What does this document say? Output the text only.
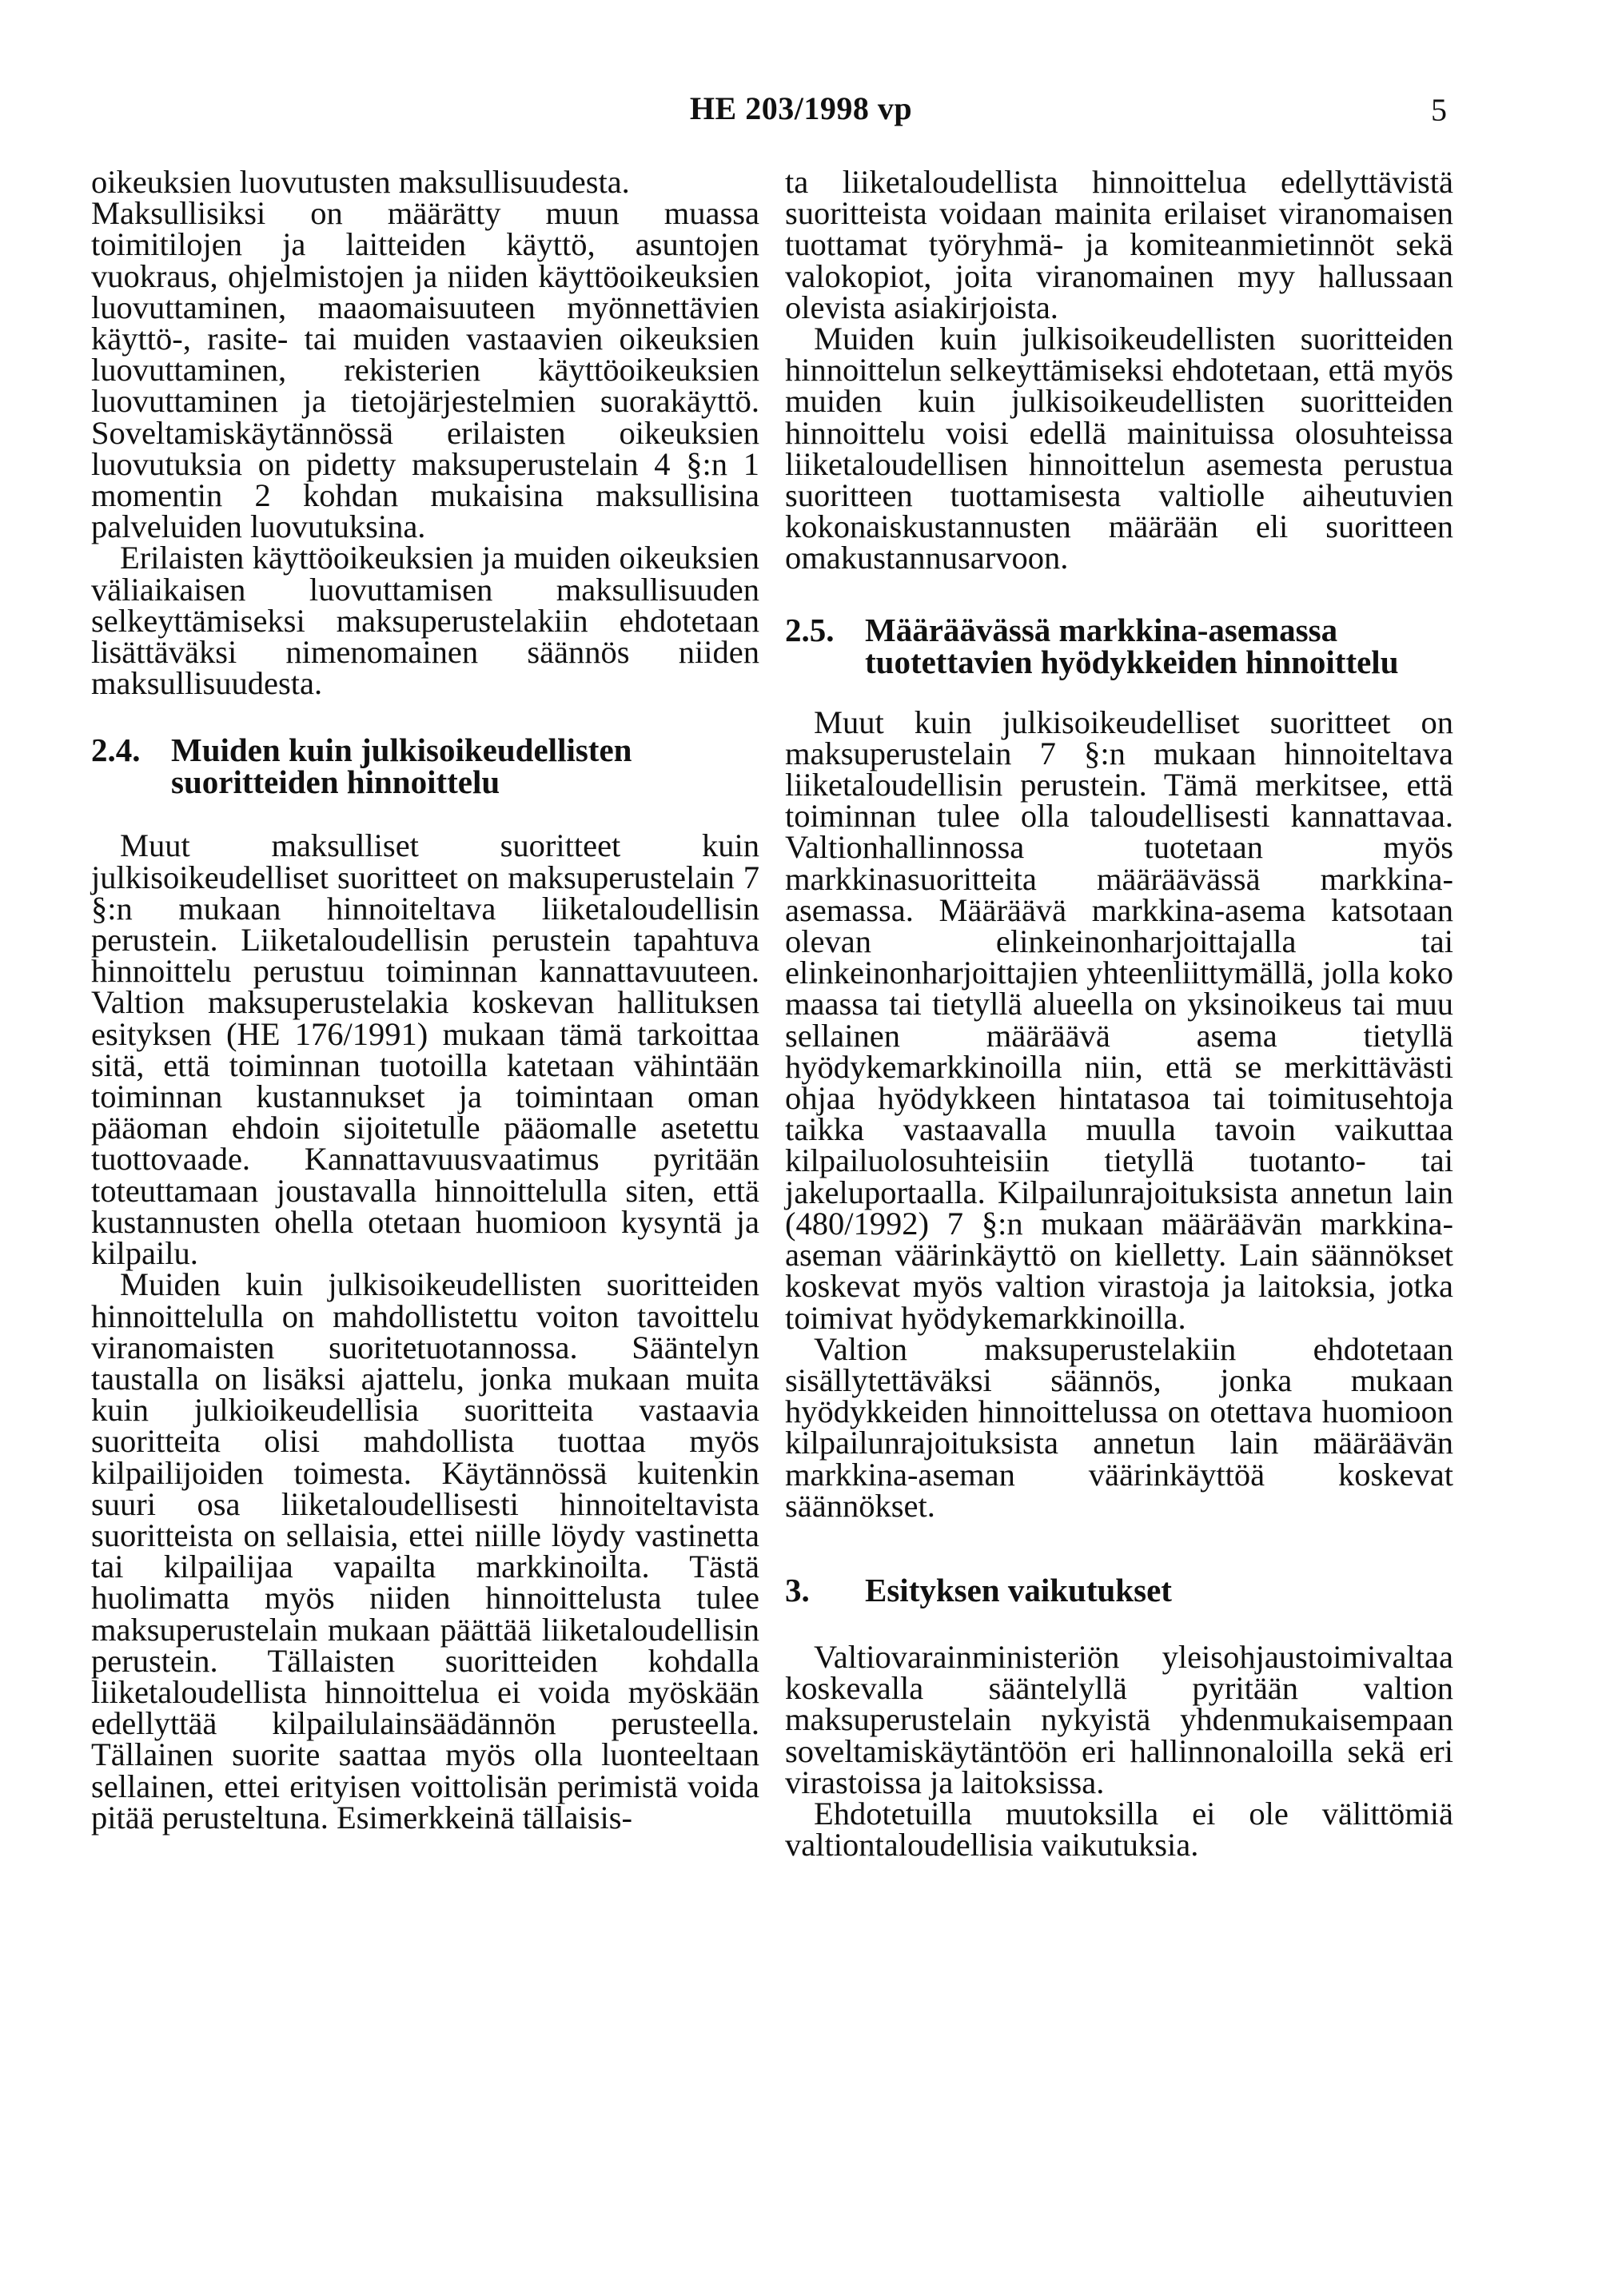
HE 203/1998 vp	5

oikeuksien luovutusten maksullisuudesta.

Maksullisiksi on määrätty muun muassa toimitilojen ja laitteiden käyttö, asuntojen vuokraus, ohjelmistojen ja niiden käyttöoikeuksien luovuttaminen, maaomaisuuteen myönnettävien käyttö-, rasite- tai muiden vastaavien oikeuksien luovuttaminen, rekisterien käyttöoikeuksien luovuttaminen ja tietojärjestelmien suorakäyttö. Soveltamiskäytännössä erilaisten oikeuksien luovutuksia on pidetty maksuperustelain 4 §:n 1 momentin 2 kohdan mukaisina maksullisina palveluiden luovutuksina.

Erilaisten käyttöoikeuksien ja muiden oikeuksien väliaikaisen luovuttamisen maksullisuuden selkeyttämiseksi maksuperustelakiin ehdotetaan lisättäväksi nimenomainen säännös niiden maksullisuudesta.

2.4. Muiden kuin julkisoikeudellisten suoritteiden hinnoittelu

Muut maksulliset suoritteet kuin julkisoikeudelliset suoritteet on maksuperustelain 7 §:n mukaan hinnoiteltava liiketaloudellisin perustein. Liiketaloudellisin perustein tapahtuva hinnoittelu perustuu toiminnan kannattavuuteen. Valtion maksuperustelakia koskevan hallituksen esityksen (HE 176/1991) mukaan tämä tarkoittaa sitä, että toiminnan tuotoilla katetaan vähintään toiminnan kustannukset ja toimintaan oman pääoman ehdoin sijoitetulle pääomalle asetettu tuottovaade. Kannattavuusvaatimus pyritään toteuttamaan joustavalla hinnoittelulla siten, että kustannusten ohella otetaan huomioon kysyntä ja kilpailu.

Muiden kuin julkisoikeudellisten suoritteiden hinnoittelulla on mahdollistettu voiton tavoittelu viranomaisten suoritetuotannossa. Sääntelyn taustalla on lisäksi ajattelu, jonka mukaan muita kuin julkioikeudellisia suoritteita vastaavia suoritteita olisi mahdollista tuottaa myös kilpailijoiden toimesta. Käytännössä kuitenkin suuri osa liiketaloudellisesti hinnoiteltavista suoritteista on sellaisia, ettei niille löydy vastinetta tai kilpailijaa vapailta markkinoilta. Tästä huolimatta myös niiden hinnoittelusta tulee maksuperustelain mukaan päättää liiketaloudellisin perustein. Tällaisten suoritteiden kohdalla liiketaloudellista hinnoittelua ei voida myöskään edellyttää kilpailulainsäädännön perusteella. Tällainen suorite saattaa myös olla luonteeltaan sellainen, ettei erityisen voittolisän perimistä voida pitää perusteltuna. Esimerkkeinä tällaisis-

ta liiketaloudellista hinnoittelua edellyttävistä suoritteista voidaan mainita erilaiset viranomaisen tuottamat työryhmä- ja komiteanmietinnöt sekä valokopiot, joita viranomainen myy hallussaan olevista asiakirjoista.

Muiden kuin julkisoikeudellisten suoritteiden hinnoittelun selkeyttämiseksi ehdotetaan, että myös muiden kuin julkisoikeudellisten suoritteiden hinnoittelu voisi edellä mainituissa olosuhteissa liiketaloudellisen hinnoittelun asemesta perustua suoritteen tuottamisesta valtiolle aiheutuvien kokonaiskustannusten määrään eli suoritteen omakustannusarvoon.

2.5. Määräävässä markkina-asemassa tuotettavien hyödykkeiden hinnoittelu

Muut kuin julkisoikeudelliset suoritteet on maksuperustelain 7 §:n mukaan hinnoiteltava liiketaloudellisin perustein. Tämä merkitsee, että toiminnan tulee olla taloudellisesti kannattavaa. Valtionhallinnossa tuotetaan myös markkinasuoritteita määräävässä markkina-asemassa. Määräävä markkina-asema katsotaan olevan elinkeinonharjoittajalla tai elinkeinonharjoittajien yhteenliittymällä, jolla koko maassa tai tietyllä alueella on yksinoikeus tai muu sellainen määräävä asema tietyllä hyödykemarkkinoilla niin, että se merkittävästi ohjaa hyödykkeen hintatasoa tai toimitusehtoja taikka vastaavalla muulla tavoin vaikuttaa kilpailuolosuhteisiin tietyllä tuotanto- tai jakeluportaalla. Kilpailunrajoituksista annetun lain (480/1992) 7 §:n mukaan määräävän markkina-aseman väärinkäyttö on kielletty. Lain säännökset koskevat myös valtion virastoja ja laitoksia, jotka toimivat hyödykemarkkinoilla.

Valtion maksuperustelakiin ehdotetaan sisällytettäväksi säännös, jonka mukaan hyödykkeiden hinnoittelussa on otettava huomioon kilpailunrajoituksista annetun lain määräävän markkina-aseman väärinkäyttöä koskevat säännökset.

3.	Esityksen vaikutukset

Valtiovarainministeriön yleisohjaustoimivaltaa koskevalla sääntelyllä pyritään valtion maksuperustelain nykyistä yhdenmukaisempaan soveltamiskäytäntöön eri hallinnonaloilla sekä eri virastoissa ja laitoksissa.

Ehdotetuilla muutoksilla ei ole välittömiä valtiontaloudellisia vaikutuksia.
